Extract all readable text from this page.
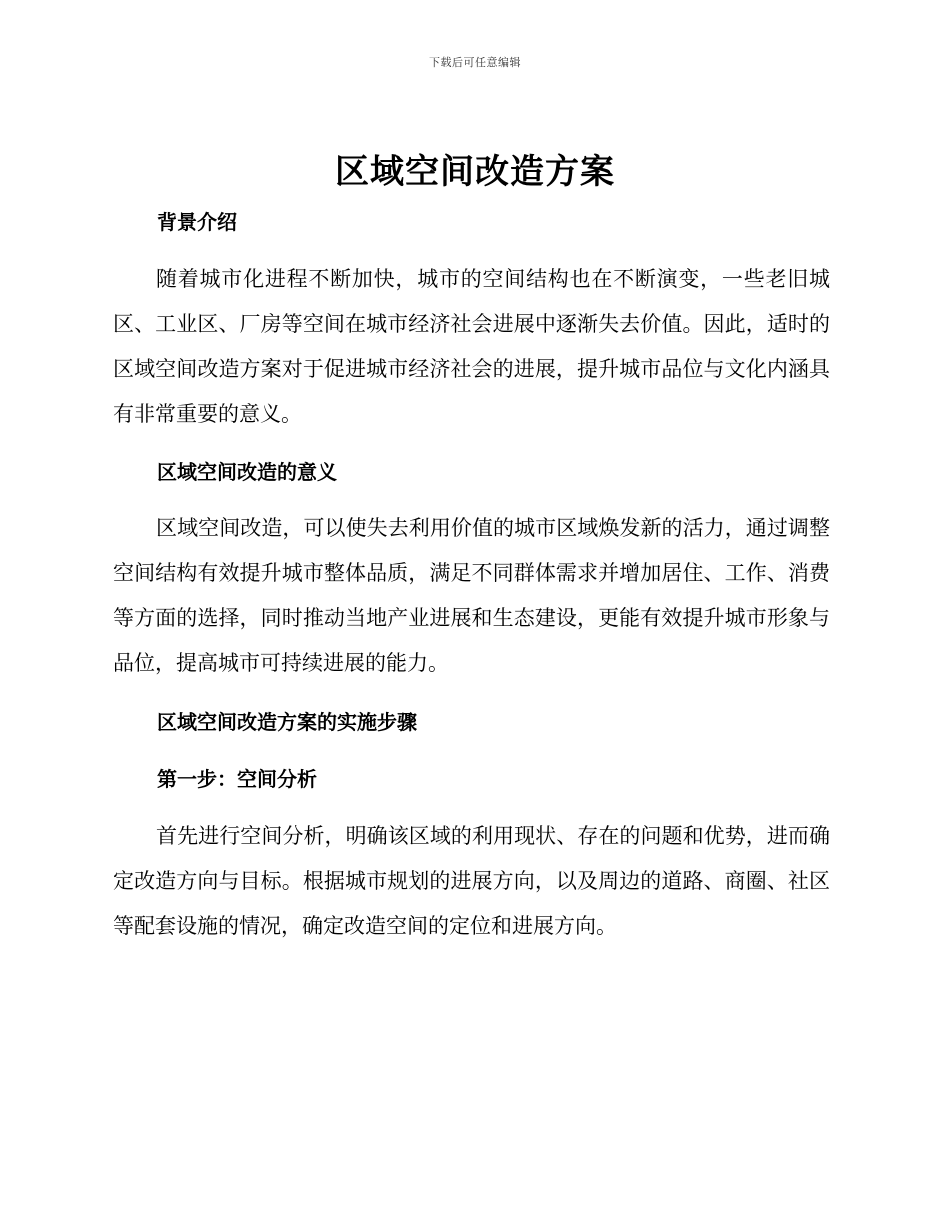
下载后可任意编辑
区域空间改造方案
背景介绍
随着城市化进程不断加快，城市的空间结构也在不断演变，一些老旧城区、工业区、厂房等空间在城市经济社会进展中逐渐失去价值。因此，适时的区域空间改造方案对于促进城市经济社会的进展，提升城市品位与文化内涵具有非常重要的意义。
区域空间改造的意义
区域空间改造，可以使失去利用价值的城市区域焕发新的活力，通过调整空间结构有效提升城市整体品质，满足不同群体需求并增加居住、工作、消费等方面的选择，同时推动当地产业进展和生态建设，更能有效提升城市形象与品位，提高城市可持续进展的能力。
区域空间改造方案的实施步骤
第一步：空间分析
首先进行空间分析，明确该区域的利用现状、存在的问题和优势，进而确定改造方向与目标。根据城市规划的进展方向，以及周边的道路、商圈、社区等配套设施的情况，确定改造空间的定位和进展方向。
